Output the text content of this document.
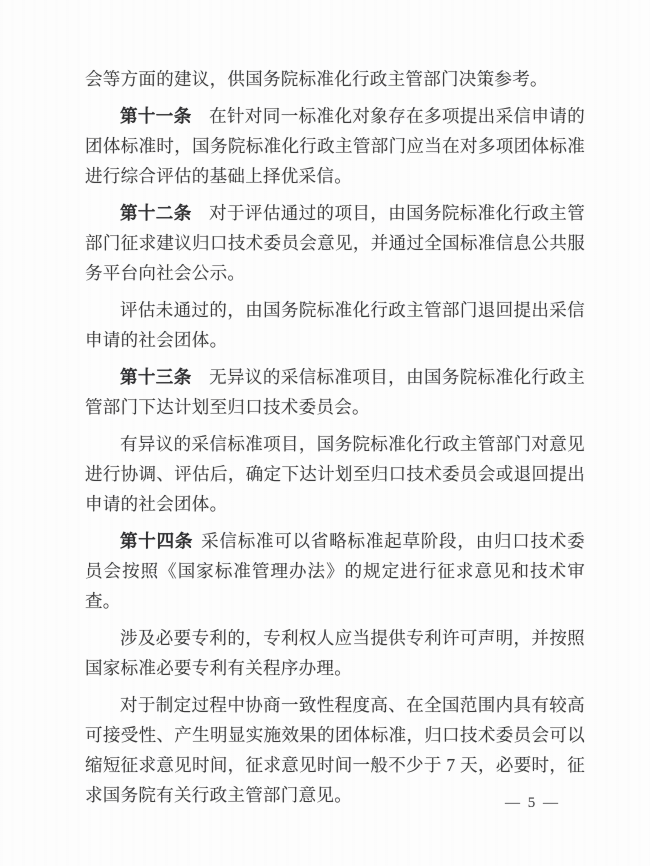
会等方面的建议，供国务院标准化行政主管部门决策参考。

第十一条 在针对同一标准化对象存在多项提出采信申请的团体标准时，国务院标准化行政主管部门应当在对多项团体标准进行综合评估的基础上择优采信。

第十二条 对于评估通过的项目，由国务院标准化行政主管部门征求建议归口技术委员会意见，并通过全国标准信息公共服务平台向社会公示。

评估未通过的，由国务院标准化行政主管部门退回提出采信申请的社会团体。

第十三条 无异议的采信标准项目，由国务院标准化行政主管部门下达计划至归口技术委员会。

有异议的采信标准项目，国务院标准化行政主管部门对意见进行协调、评估后，确定下达计划至归口技术委员会或退回提出申请的社会团体。

第十四条 采信标准可以省略标准起草阶段，由归口技术委员会按照《国家标准管理办法》的规定进行征求意见和技术审查。

涉及必要专利的，专利权人应当提供专利许可声明，并按照国家标准必要专利有关程序办理。

对于制定过程中协商一致性程度高、在全国范围内具有较高可接受性、产生明显实施效果的团体标准，归口技术委员会可以缩短征求意见时间，征求意见时间一般不少于 7 天，必要时，征求国务院有关行政主管部门意见。	— 5 —
